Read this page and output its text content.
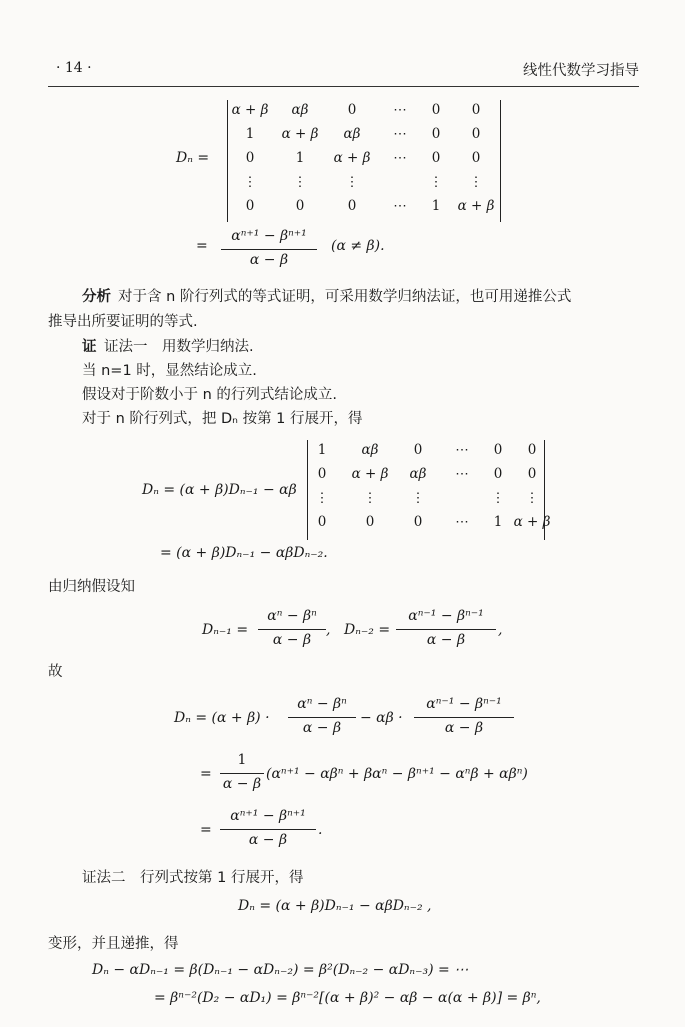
· 14 ·	线性代数学习指导
Dₙ =
α + β αβ	0	⋯ 0 0
1 α + β αβ ⋯ 0 0
0	1 α + β ⋯ 0 0
⋮	⋮	⋮	⋮ ⋮
0	0	0	⋯ 1 α + β
=
αⁿ⁺¹ − βⁿ⁺¹
α − β
(α ≠ β).
分析 对于含 n 阶行列式的等式证明，可采用数学归纳法证，也可用递推公式
推导出所要证明的等式.
证 证法一　用数学归纳法.
当 n=1 时，显然结论成立.
假设对于阶数小于 n 的行列式结论成立.
对于 n 阶行列式，把 Dₙ 按第 1 行展开，得
Dₙ = (α + β)Dₙ₋₁ − αβ
1	αβ	0 ⋯ 0 0
0 α + β αβ ⋯ 0 0
⋮	⋮	⋮	⋮ ⋮
0	0	0 ⋯ 1 α + β
= (α + β)Dₙ₋₁ − αβDₙ₋₂.
由归纳假设知
Dₙ₋₁ =
αⁿ − βⁿ
α − β
, Dₙ₋₂ =
αⁿ⁻¹ − βⁿ⁻¹
α − β
,
故
Dₙ = (α + β) ·
αⁿ − βⁿ
α − β
− αβ ·
αⁿ⁻¹ − βⁿ⁻¹
α − β
=
1
α − β
(αⁿ⁺¹ − αβⁿ + βαⁿ − βⁿ⁺¹ − αⁿβ + αβⁿ)
=
αⁿ⁺¹ − βⁿ⁺¹
α − β
.
证法二　行列式按第 1 行展开，得
Dₙ = (α + β)Dₙ₋₁ − αβDₙ₋₂ ,
变形，并且递推，得
Dₙ − αDₙ₋₁ = β(Dₙ₋₁ − αDₙ₋₂) = β²(Dₙ₋₂ − αDₙ₋₃) = ⋯
= βⁿ⁻²(D₂ − αD₁) = βⁿ⁻²[(α + β)² − αβ − α(α + β)] = βⁿ,
